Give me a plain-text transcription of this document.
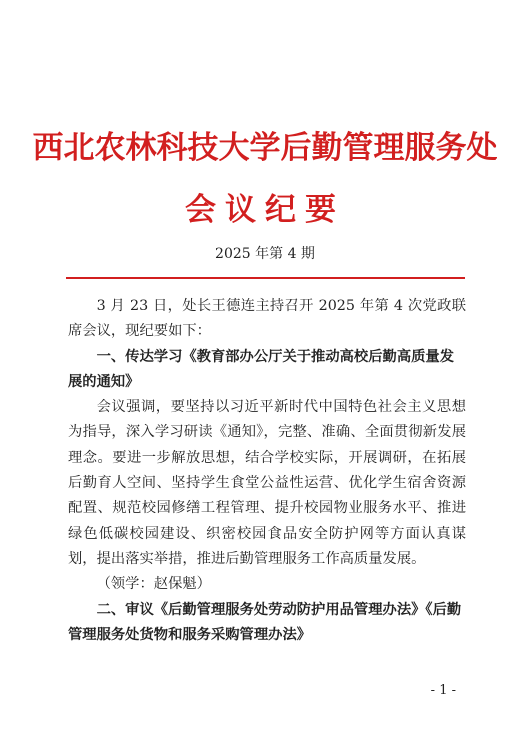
西北农林科技大学后勤管理服务处
会议纪要
2025 年第 4 期

3 月 23 日，处长王德连主持召开 2025 年第 4 次党政联席会议，现纪要如下：

一、传达学习《教育部办公厅关于推动高校后勤高质量发展的通知》

会议强调，要坚持以习近平新时代中国特色社会主义思想为指导，深入学习研读《通知》，完整、准确、全面贯彻新发展理念。要进一步解放思想，结合学校实际，开展调研，在拓展后勤育人空间、坚持学生食堂公益性运营、优化学生宿舍资源配置、规范校园修缮工程管理、提升校园物业服务水平、推进绿色低碳校园建设、织密校园食品安全防护网等方面认真谋划，提出落实举措，推进后勤管理服务工作高质量发展。

（领学：赵保魁）

二、审议《后勤管理服务处劳动防护用品管理办法》《后勤管理服务处货物和服务采购管理办法》

- 1 -
